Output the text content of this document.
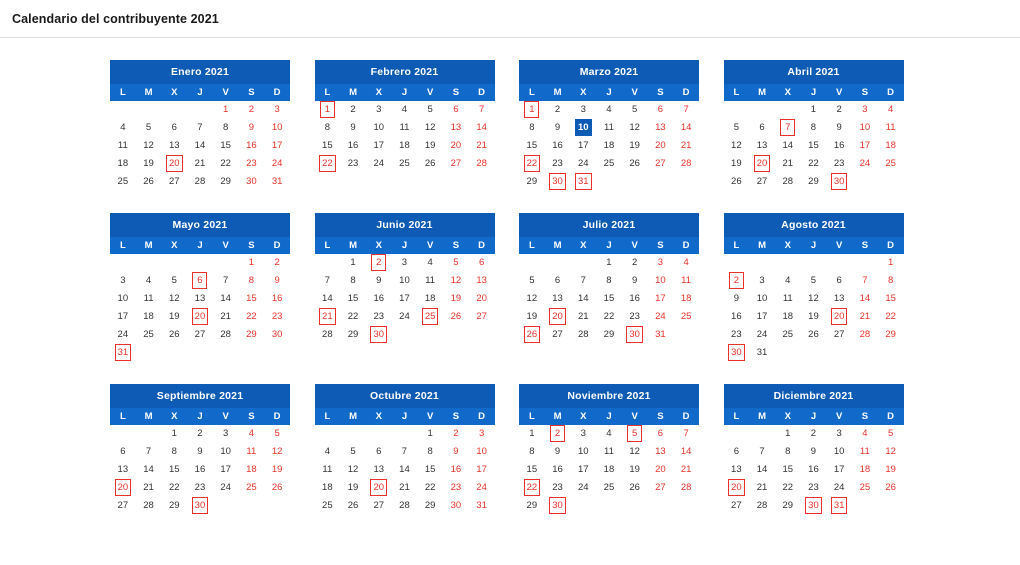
Calendario del contribuyente 2021
Enero 2021
L	M	X	J	V	S	D
				1	2	3
4	5	6	7	8	9	10
11	12	13	14	15	16	17
18	19	20	21	22	23	24
25	26	27	28	29	30	31
Febrero 2021
L	M	X	J	V	S	D
1	2	3	4	5	6	7
8	9	10	11	12	13	14
15	16	17	18	19	20	21
22	23	24	25	26	27	28

Marzo 2021
L	M	X	J	V	S	D
1	2	3	4	5	6	7
8	9	10	11	12	13	14
15	16	17	18	19	20	21
22	23	24	25	26	27	28
29	30	31				
Abril 2021
L	M	X	J	V	S	D
			1	2	3	4
5	6	7	8	9	10	11
12	13	14	15	16	17	18
19	20	21	22	23	24	25
26	27	28	29	30		
Mayo 2021
L	M	X	J	V	S	D
					1	2
3	4	5	6	7	8	9
10	11	12	13	14	15	16
17	18	19	20	21	22	23
24	25	26	27	28	29	30
31						
Junio 2021
L	M	X	J	V	S	D
	1	2	3	4	5	6
7	8	9	10	11	12	13
14	15	16	17	18	19	20
21	22	23	24	25	26	27
28	29	30				
Julio 2021
L	M	X	J	V	S	D
			1	2	3	4
5	6	7	8	9	10	11
12	13	14	15	16	17	18
19	20	21	22	23	24	25
26	27	28	29	30	31	
Agosto 2021
L	M	X	J	V	S	D
						1
2	3	4	5	6	7	8
9	10	11	12	13	14	15
16	17	18	19	20	21	22
23	24	25	26	27	28	29
30	31					
Septiembre 2021
L	M	X	J	V	S	D
		1	2	3	4	5
6	7	8	9	10	11	12
13	14	15	16	17	18	19
20	21	22	23	24	25	26
27	28	29	30			
Octubre 2021
L	M	X	J	V	S	D
				1	2	3
4	5	6	7	8	9	10
11	12	13	14	15	16	17
18	19	20	21	22	23	24
25	26	27	28	29	30	31
Noviembre 2021
L	M	X	J	V	S	D
1	2	3	4	5	6	7
8	9	10	11	12	13	14
15	16	17	18	19	20	21
22	23	24	25	26	27	28
29	30					
Diciembre 2021
L	M	X	J	V	S	D
		1	2	3	4	5
6	7	8	9	10	11	12
13	14	15	16	17	18	19
20	21	22	23	24	25	26
27	28	29	30	31		
